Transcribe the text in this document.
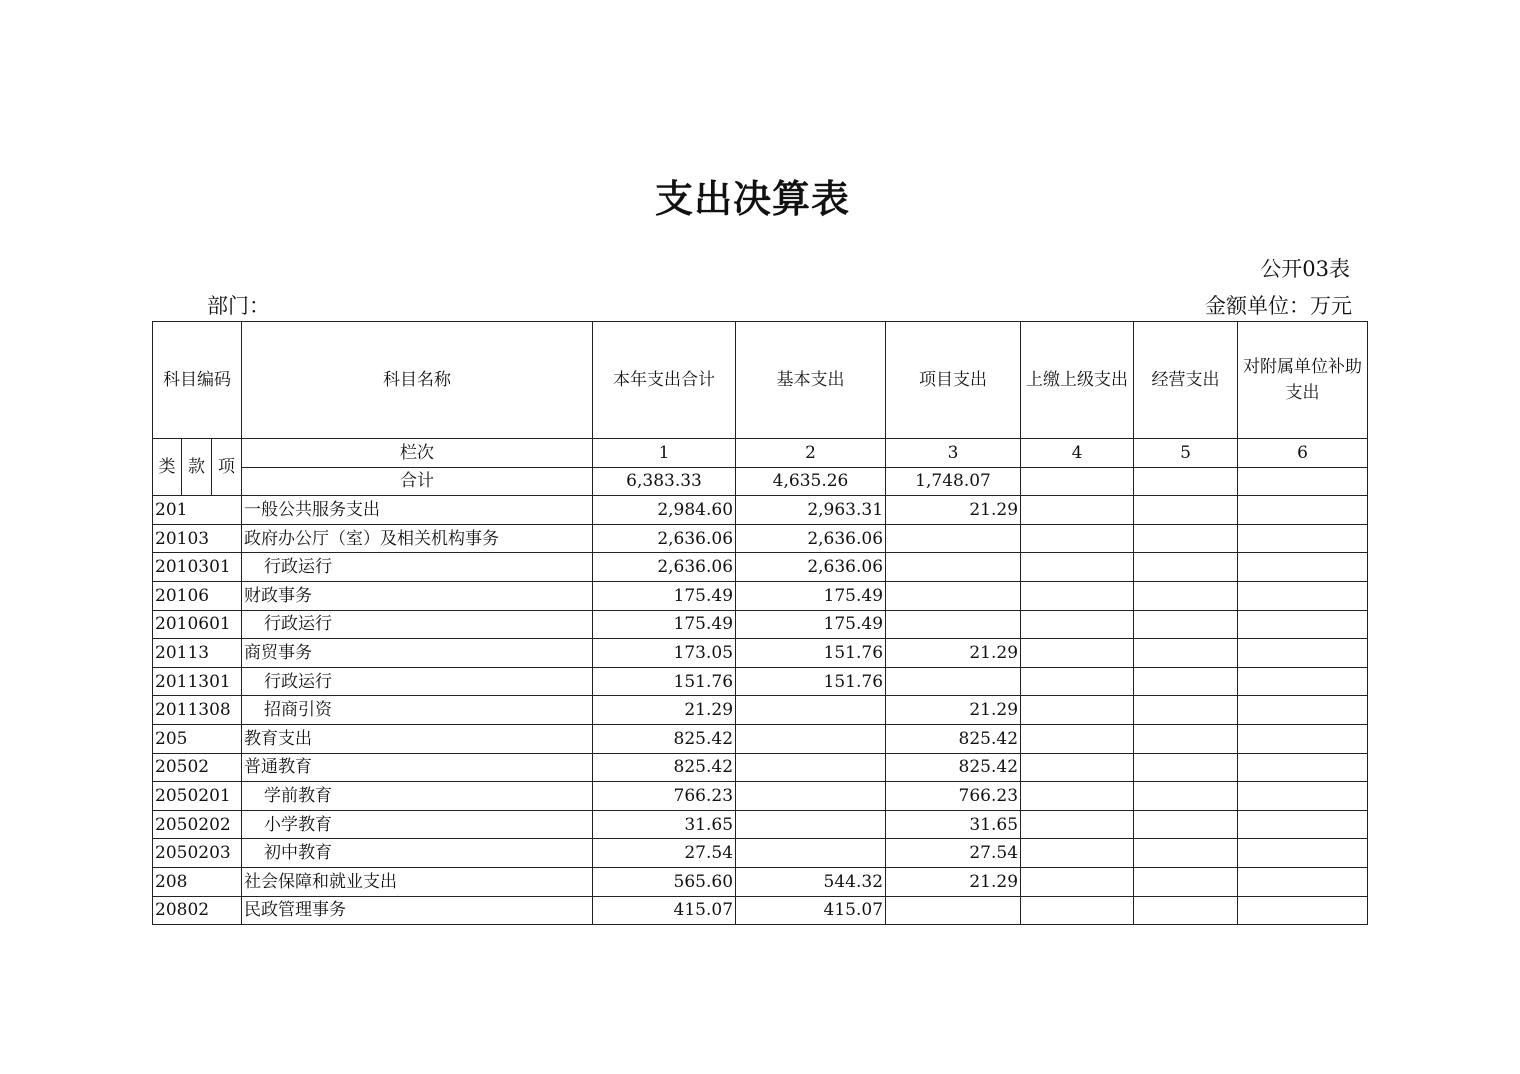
支出决算表
公开03表
部门：	金额单位：万元
科目编码			科目名称	本年支出合计	基本支出	项目支出	上缴上级支出	经营支出	对附属单位补助支出
类	款	项	栏次	1	2	3	4	5	6
			合计	6,383.33	4,635.26	1,748.07			
201			一般公共服务支出	2,984.60	2,963.31	21.29			
20103			政府办公厅（室）及相关机构事务	2,636.06	2,636.06				
2010301			行政运行	2,636.06	2,636.06				
20106			财政事务	175.49	175.49				
2010601			行政运行	175.49	175.49				
20113			商贸事务	173.05	151.76	21.29			
2011301			行政运行	151.76	151.76				
2011308			招商引资	21.29		21.29			
205			教育支出	825.42		825.42			
20502			普通教育	825.42		825.42			
2050201			学前教育	766.23		766.23			
2050202			小学教育	31.65		31.65			
2050203			初中教育	27.54		27.54			
208			社会保障和就业支出	565.60	544.32	21.29			
20802			民政管理事务	415.07	415.07				
